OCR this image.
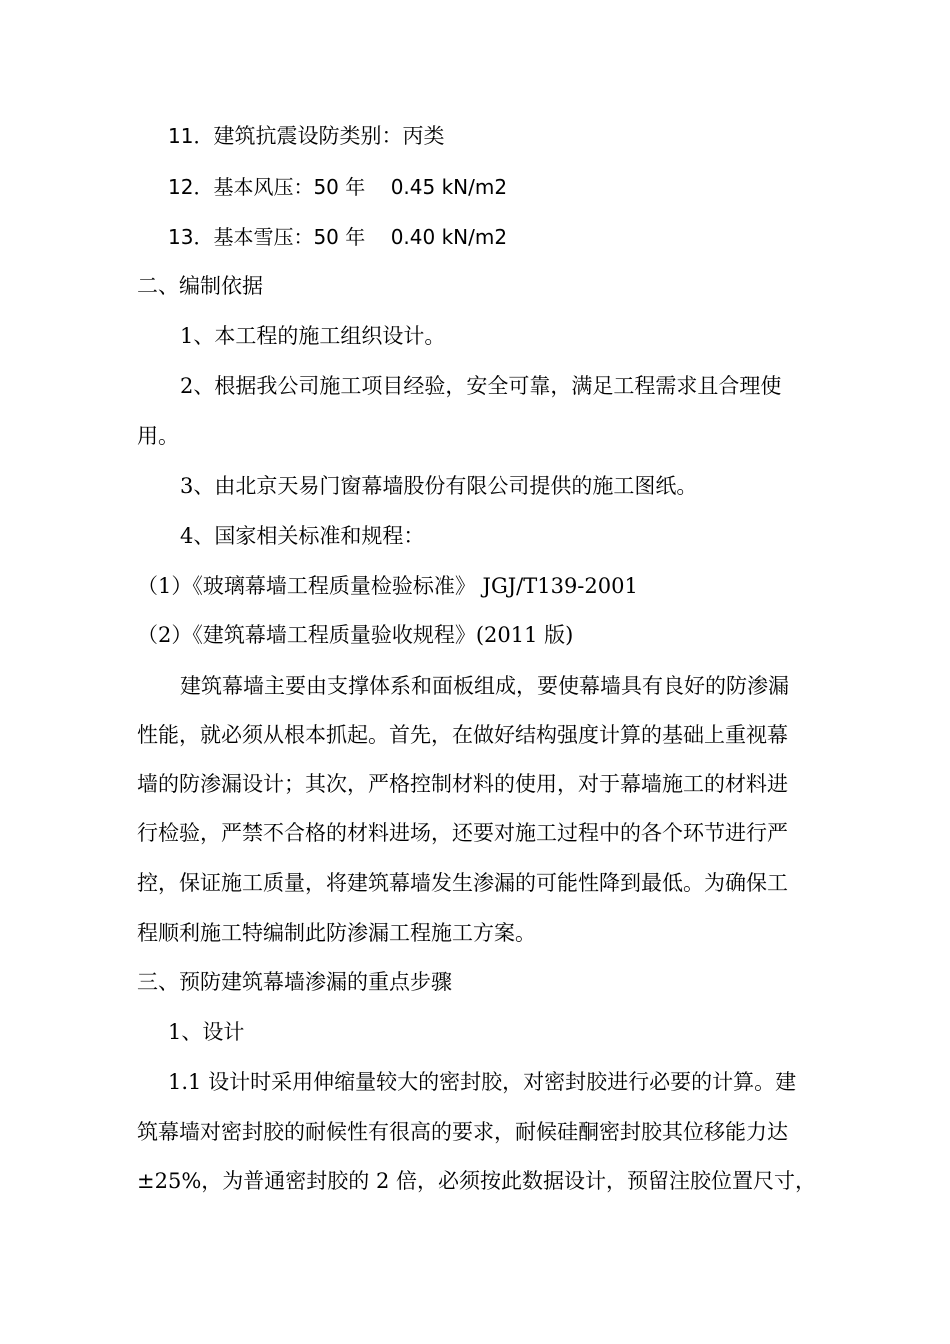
11．建筑抗震设防类别：丙类
12．基本风压：50 年    0.45 kN/m2
13．基本雪压：50 年    0.40 kN/m2
二、编制依据
1、本工程的施工组织设计。
2、根据我公司施工项目经验，安全可靠，满足工程需求且合理使
用。
3、由北京天易门窗幕墙股份有限公司提供的施工图纸。
4、国家相关标准和规程：
（1）《玻璃幕墙工程质量检验标准》 JGJ/T139-2001
（2）《建筑幕墙工程质量验收规程》(2011 版)
建筑幕墙主要由支撑体系和面板组成，要使幕墙具有良好的防渗漏
性能，就必须从根本抓起。首先，在做好结构强度计算的基础上重视幕
墙的防渗漏设计；其次，严格控制材料的使用，对于幕墙施工的材料进
行检验，严禁不合格的材料进场，还要对施工过程中的各个环节进行严
控，保证施工质量，将建筑幕墙发生渗漏的可能性降到最低。为确保工
程顺利施工特编制此防渗漏工程施工方案。
三、预防建筑幕墙渗漏的重点步骤
1、设计
1.1 设计时采用伸缩量较大的密封胶，对密封胶进行必要的计算。建
筑幕墙对密封胶的耐候性有很高的要求，耐候硅酮密封胶其位移能力达
±25%，为普通密封胶的 2 倍，必须按此数据设计，预留注胶位置尺寸，
